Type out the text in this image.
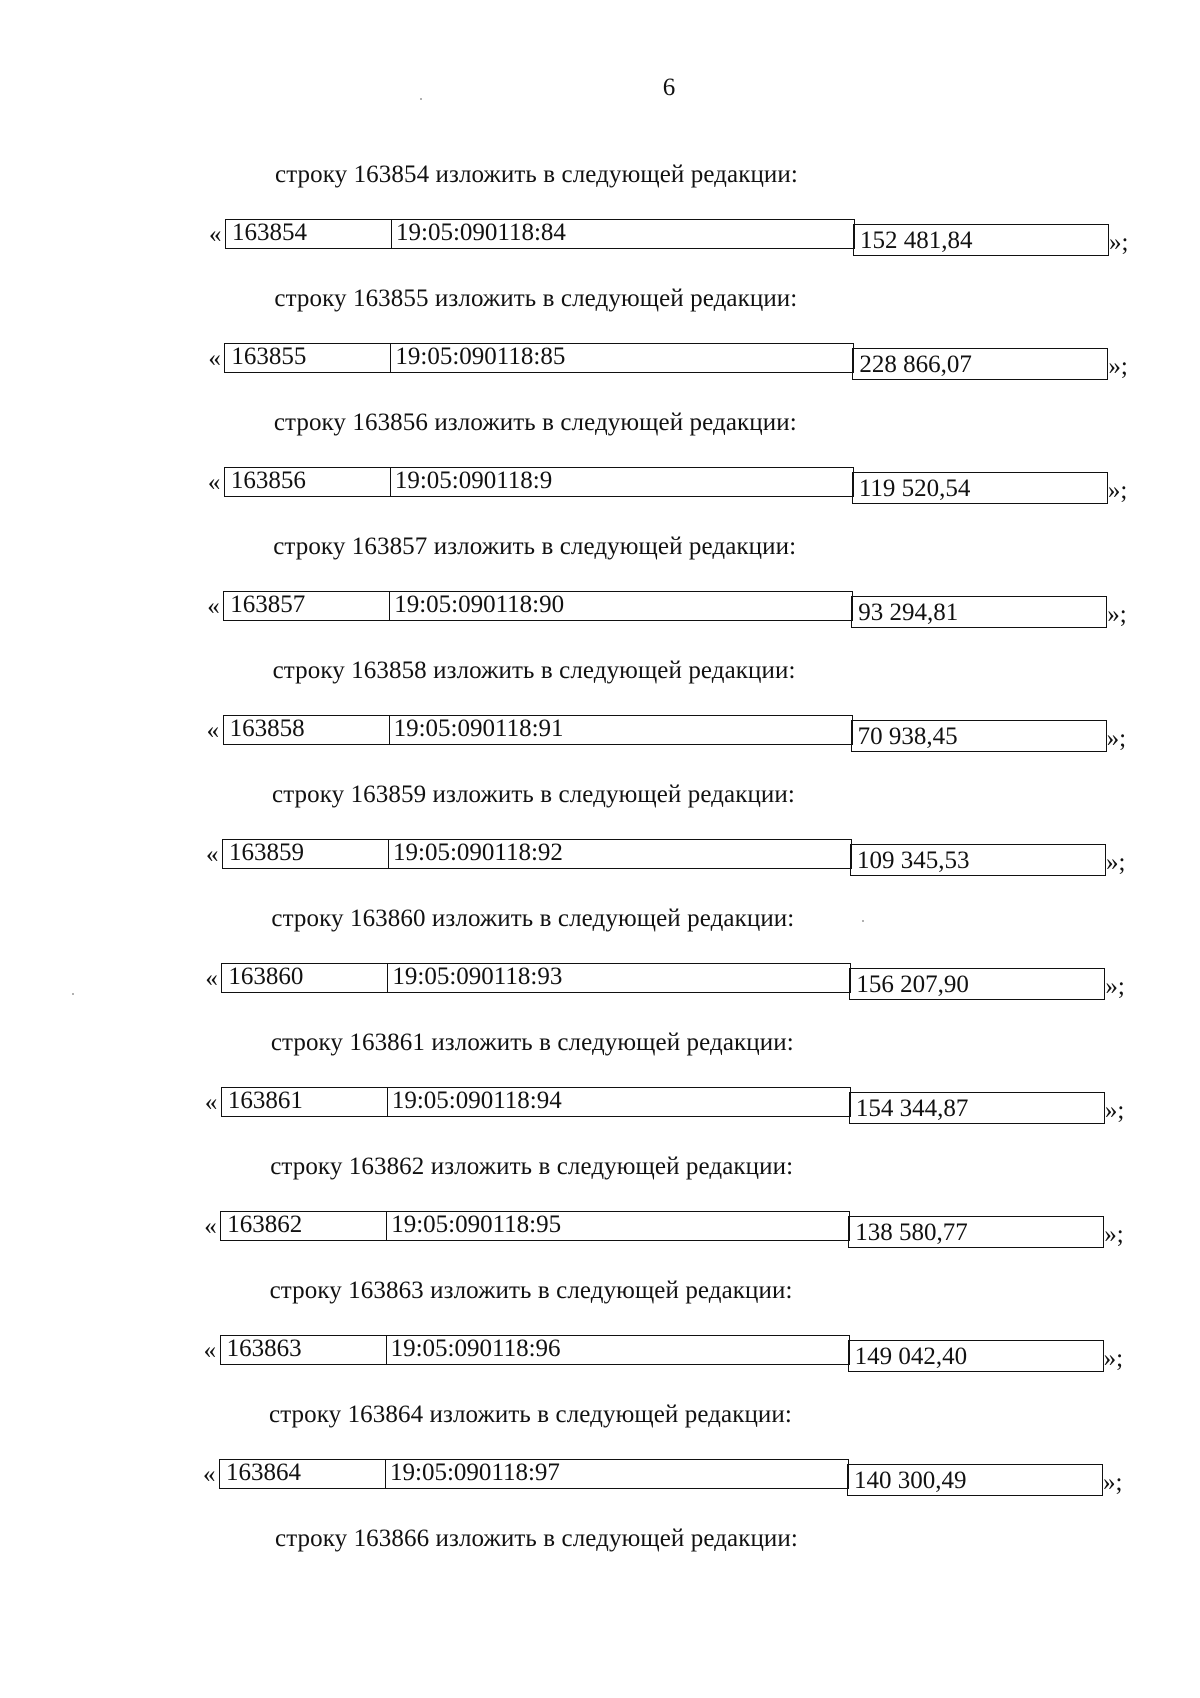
6
строку 163854 изложить в следующей редакции:
« 163854	19:05:090118:84	152 481,84	»;
строку 163855 изложить в следующей редакции:
« 163855	19:05:090118:85	228 866,07	»;
строку 163856 изложить в следующей редакции:
« 163856	19:05:090118:9	119 520,54	»;
строку 163857 изложить в следующей редакции:
« 163857	19:05:090118:90	93 294,81	»;
строку 163858 изложить в следующей редакции:
« 163858	19:05:090118:91	70 938,45	»;
строку 163859 изложить в следующей редакции:
« 163859	19:05:090118:92	109 345,53	»;
строку 163860 изложить в следующей редакции:
« 163860	19:05:090118:93	156 207,90	»;
строку 163861 изложить в следующей редакции:
« 163861	19:05:090118:94	154 344,87	»;
строку 163862 изложить в следующей редакции:
« 163862	19:05:090118:95	138 580,77	»;
строку 163863 изложить в следующей редакции:
« 163863	19:05:090118:96	149 042,40	»;
строку 163864 изложить в следующей редакции:
« 163864	19:05:090118:97	140 300,49	»;
строку 163866 изложить в следующей редакции:
